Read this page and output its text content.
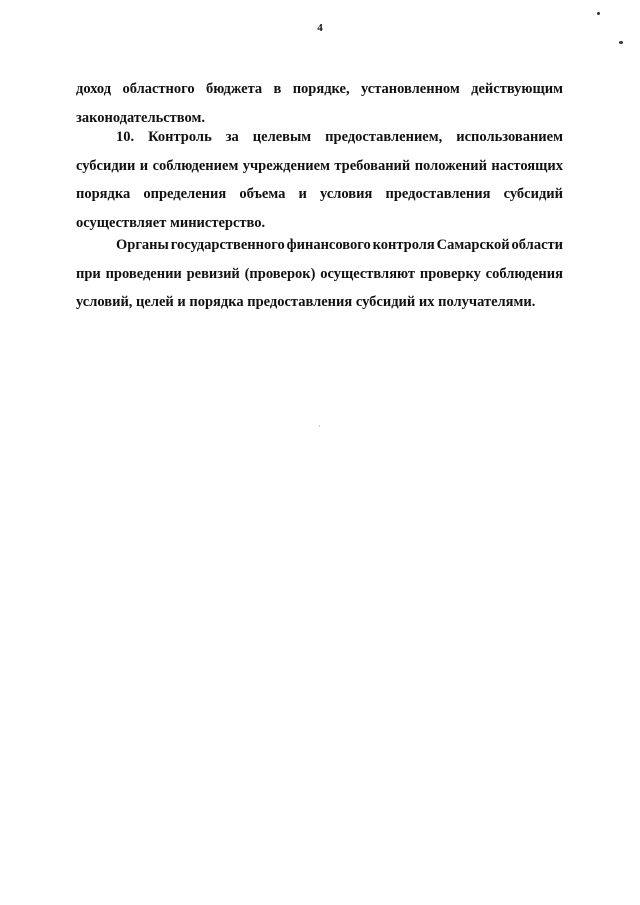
4
доход областного бюджета в порядке, установленном действующим
законодательством.
10. Контроль за целевым предоставлением, использованием
субсидии и соблюдением учреждением требований положений настоящих
порядка определения объема и условия предоставления субсидий
осуществляет министерство.
Органы государственного финансового контроля Самарской области
при проведении ревизий (проверок) осуществляют проверку соблюдения
условий, целей и порядка предоставления субсидий их получателями.
